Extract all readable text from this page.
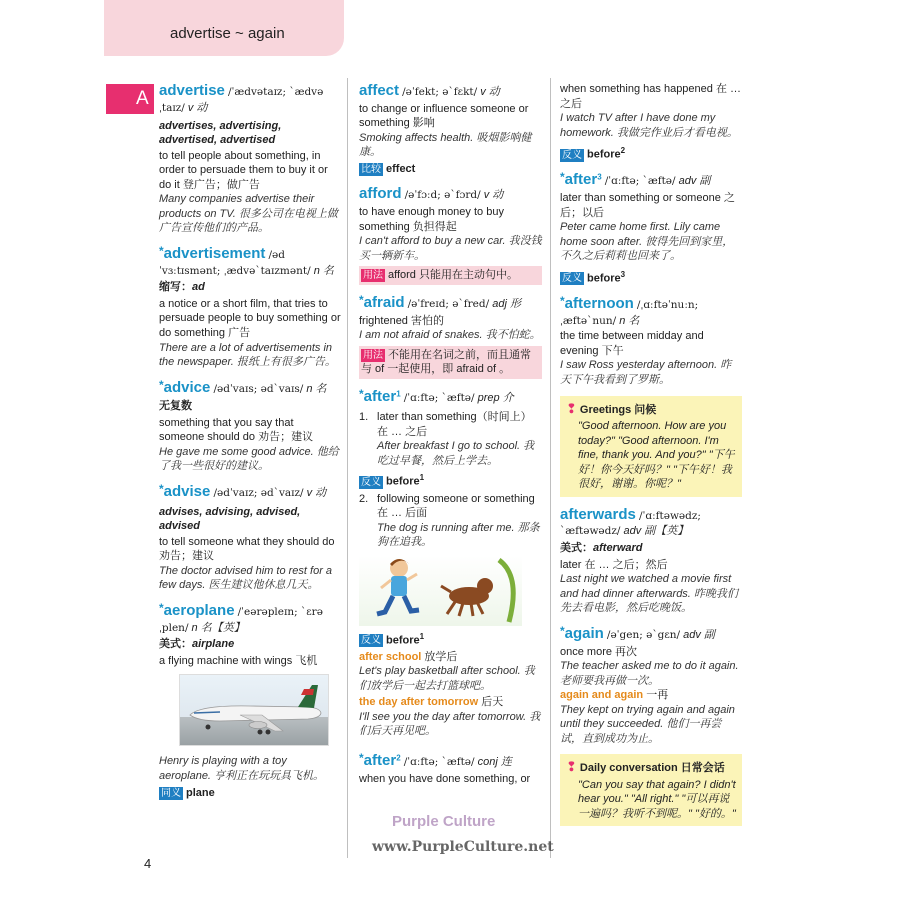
advertise ~ again
A advertise /ˈædvətaɪz; ˋædvəˌtaɪz/ v 动
advertises, advertising, advertised, advertised
to tell people about something, in order to persuade them to buy it or do it 登广告；做广告
Many companies advertise their products on TV. 很多公司在电视上做广告宣传他们的产品。
*advertisement /ədˈvɜːtɪsmənt; ˌædvəˋtaɪzmənt/ n 名
缩写：ad
a notice or a short film, that tries to persuade people to buy something or do something 广告
There are a lot of advertisements in the newspaper. 报纸上有很多广告。
*advice /ədˈvaɪs; ədˋvaɪs/ n 名
无复数
something that you say that someone should do 劝告；建议
He gave me some good advice. 他给了我一些很好的建议。
*advise /ədˈvaɪz; ədˋvaɪz/ v 动
advises, advising, advised, advised
to tell someone what they should do 劝告；建议
The doctor advised him to rest for a few days. 医生建议他休息几天。
*aeroplane /ˈeərəpleɪn; ˋɛrəˌplen/ n 名【英】
美式：airplane
a flying machine with wings 飞机
Henry is playing with a toy aeroplane. 亨利正在玩玩具飞机。
同义 plane
affect /əˈfekt; əˋfɛkt/ v 动
to change or influence someone or something 影响
Smoking affects health. 吸烟影响健康。
比较 effect
afford /əˈfɔːd; əˋfɔrd/ v 动
to have enough money to buy something 负担得起
I can't afford to buy a new car. 我没钱买一辆新车。
用法 afford 只能用在主动句中。
*afraid /əˈfreɪd; əˋfred/ adj 形
frightened 害怕的
I am not afraid of snakes. 我不怕蛇。
用法 不能用在名词之前，而且通常与 of 一起使用，即 afraid of 。
*after$^1$ /ˈɑːftə; ˋæftə/ prep 介
1. later than something（时间上）在 … 之后
After breakfast I go to school. 我吃过早餐，然后上学去。
反义 before$^1$
2. following someone or something 在 … 后面
The dog is running after me. 那条狗在追我。
反义 before$^1$
after school 放学后
Let's play basketball after school. 我们放学后一起去打篮球吧。
the day after tomorrow 后天
I'll see you the day after tomorrow. 我们后天再见吧。
*after$^2$ /ˈɑːftə; ˋæftə/ conj 连
when you have done something, or
when something has happened 在 … 之后
I watch TV after I have done my homework. 我做完作业后才看电视。
反义 before$^2$
*after$^3$ /ˈɑːftə; ˋæftə/ adv 副
later than something or someone 之后；以后
Peter came home first. Lily came home soon after. 彼得先回到家里，不久之后莉莉也回来了。
反义 before$^3$
*afternoon /ˌɑːftəˈnuːn; ˌæftəˋnun/ n 名
the time between midday and evening 下午
I saw Ross yesterday afternoon. 昨天下午我看到了罗斯。
❢ Greetings 问候
"Good afternoon. How are you today?" "Good afternoon. I'm fine, thank you. And you?" "下午好！你今天好吗？" "下午好！我很好，谢谢。你呢？"
afterwards /ˈɑːftəwədz; ˋæftəwədz/ adv 副【英】
美式：afterward
later 在 … 之后；然后
Last night we watched a movie first and had dinner afterwards. 昨晚我们先去看电影，然后吃晚饭。
*again /əˈgen; əˋgɛn/ adv 副
once more 再次
The teacher asked me to do it again. 老师要我再做一次。
again and again 一再
They kept on trying again and again until they succeeded. 他们一再尝试，直到成功为止。
❢ Daily conversation 日常会话
"Can you say that again? I didn't hear you." "All right." "可以再说一遍吗？我听不到呢。" "好的。"
4
Purple Culture
www.PurpleCulture.net
